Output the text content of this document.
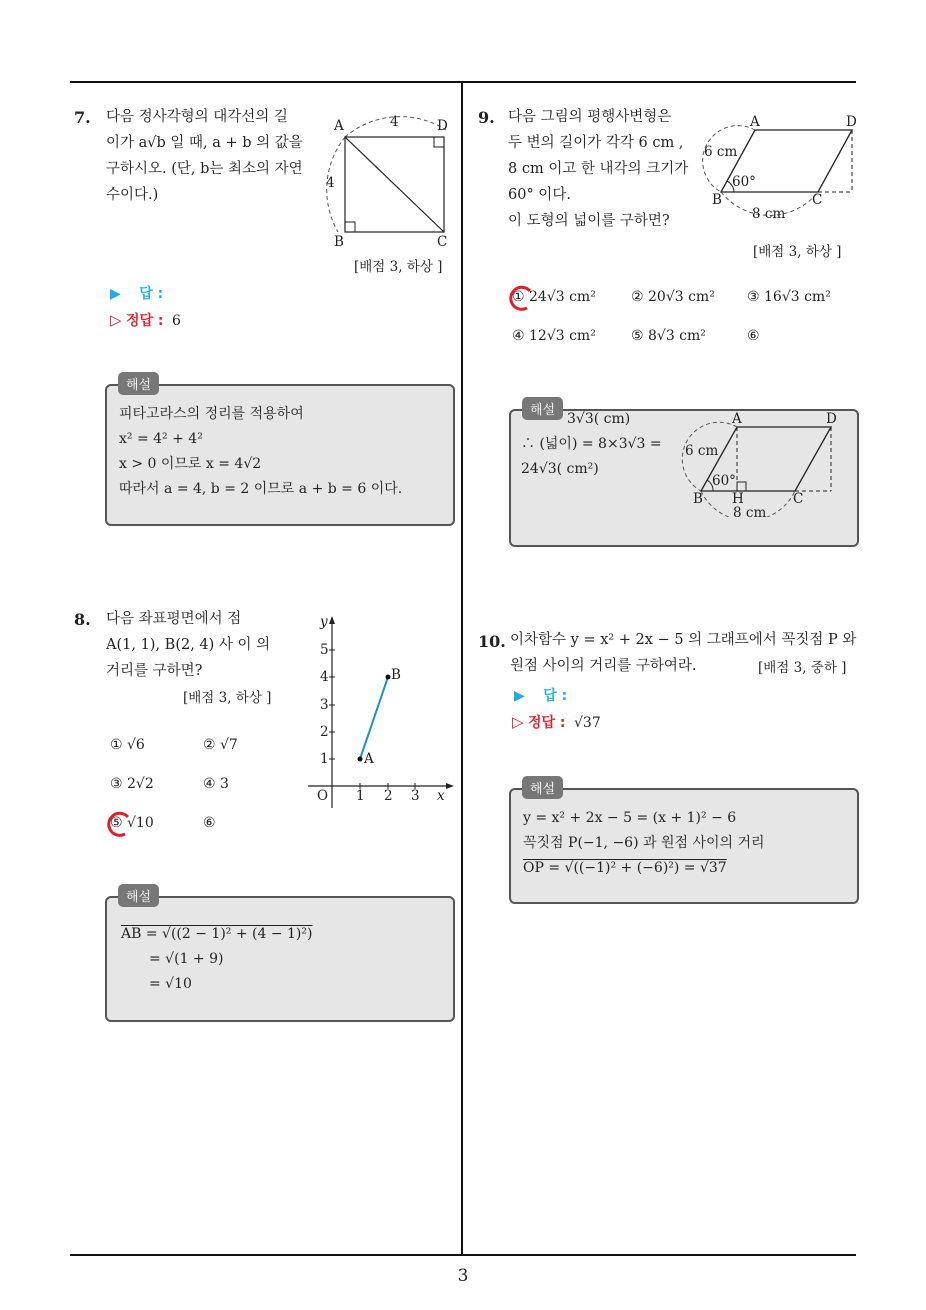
3
7. 다음 정사각형의 대각선의 길
이가 a√b 일 때, a + b 의 값을
구하시오. (단, b는 최소의 자연
수이다.)
A	D
B	C
4
4
[배점 3, 하상 ]
▶ 답 :
▷ 정답 : 6
피타고라스의 정리를 적용하여
x² = 4² + 4²
x > 0 이므로 x = 4√2
따라서 a = 4, b = 2 이므로 a + b = 6 이다.
해설
8. 다음 좌표평면에서 점
A(1, 1), B(2, 4) 사 이 의
거리를 구하면?
[배점 3, 하상 ]
① √6	② √7
③ 2√2	④ 3
⑤ √10	⑥
y
x
O
1
2
3
4
5
1 2 3
A
B
AB = √((2 − 1)² + (4 − 1)²)
= √(1 + 9)
= √10
해설
9. 다음 그림의 평행사변형은
두 변의 길이가 각각 6 cm ,
8 cm 이고 한 내각의 크기가
60° 이다.
이 도형의 넓이를 구하면?
A	D
B	C
6 cm
8 cm
60°
[배점 3, 하상 ]
① 24√3 cm²	② 20√3 cm² ③ 16√3 cm²
④ 12√3 cm²	⑤ 8√3 cm²	⑥
3√3( cm)
∴ (넓이) = 8×3√3 =
24√3( cm²)
A	D
B H	C
6 cm
8 cm
60°
해설
10. 이차함수 y = x² + 2x − 5 의 그래프에서 꼭짓점 P 와
원점 사이의 거리를 구하여라.	[배점 3, 중하 ]
▶ 답 :
▷ 정답 : √37
y = x² + 2x − 5 = (x + 1)² − 6
꼭짓점 P(−1, −6) 과 원점 사이의 거리
OP = √((−1)² + (−6)²) = √37
해설
